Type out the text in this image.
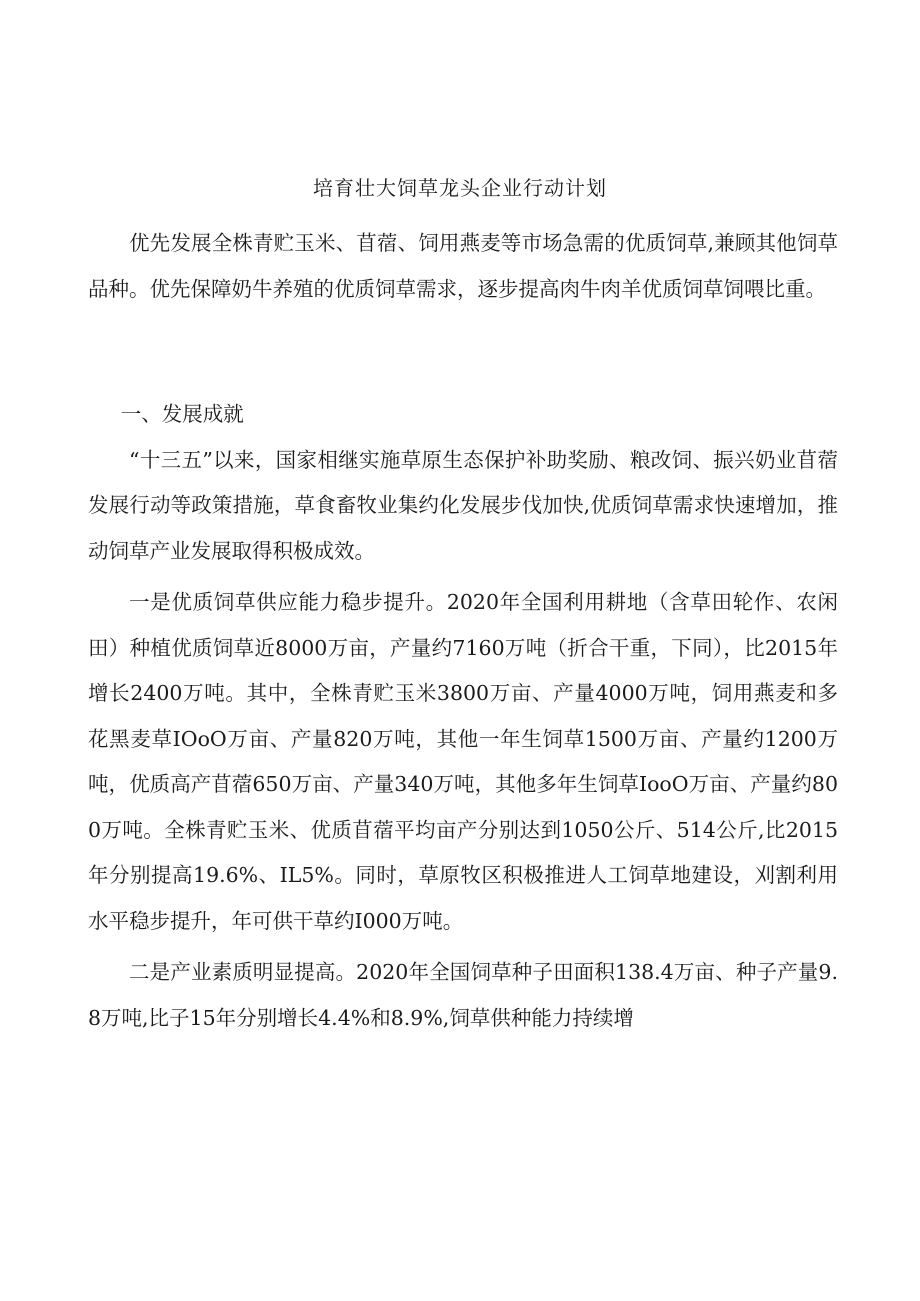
培育壮大饲草龙头企业行动计划

优先发展全株青贮玉米、苜蓿、饲用燕麦等市场急需的优质饲草,兼顾其他饲草品种。优先保障奶牛养殖的优质饲草需求，逐步提高肉牛肉羊优质饲草饲喂比重。

一、发展成就

“十三五”以来，国家相继实施草原生态保护补助奖励、粮改饲、振兴奶业苜蓿发展行动等政策措施，草食畜牧业集约化发展步伐加快,优质饲草需求快速增加，推动饲草产业发展取得积极成效。

一是优质饲草供应能力稳步提升。2020年全国利用耕地（含草田轮作、农闲田）种植优质饲草近8000万亩，产量约7160万吨（折合干重，下同），比2015年增长2400万吨。其中，全株青贮玉米3800万亩、产量4000万吨，饲用燕麦和多花黑麦草IOoO万亩、产量820万吨，其他一年生饲草1500万亩、产量约1200万吨，优质高产苜蓿650万亩、产量340万吨，其他多年生饲草IooO万亩、产量约800万吨。全株青贮玉米、优质苜蓿平均亩产分别达到1050公斤、514公斤,比2015年分别提高19.6%、IL5%。同时，草原牧区积极推进人工饲草地建设，刈割利用水平稳步提升，年可供干草约I000万吨。

二是产业素质明显提高。2020年全国饲草种子田面积138.4万亩、种子产量9.8万吨,比子15年分别增长4.4%和8.9%,饲草供种能力持续增
